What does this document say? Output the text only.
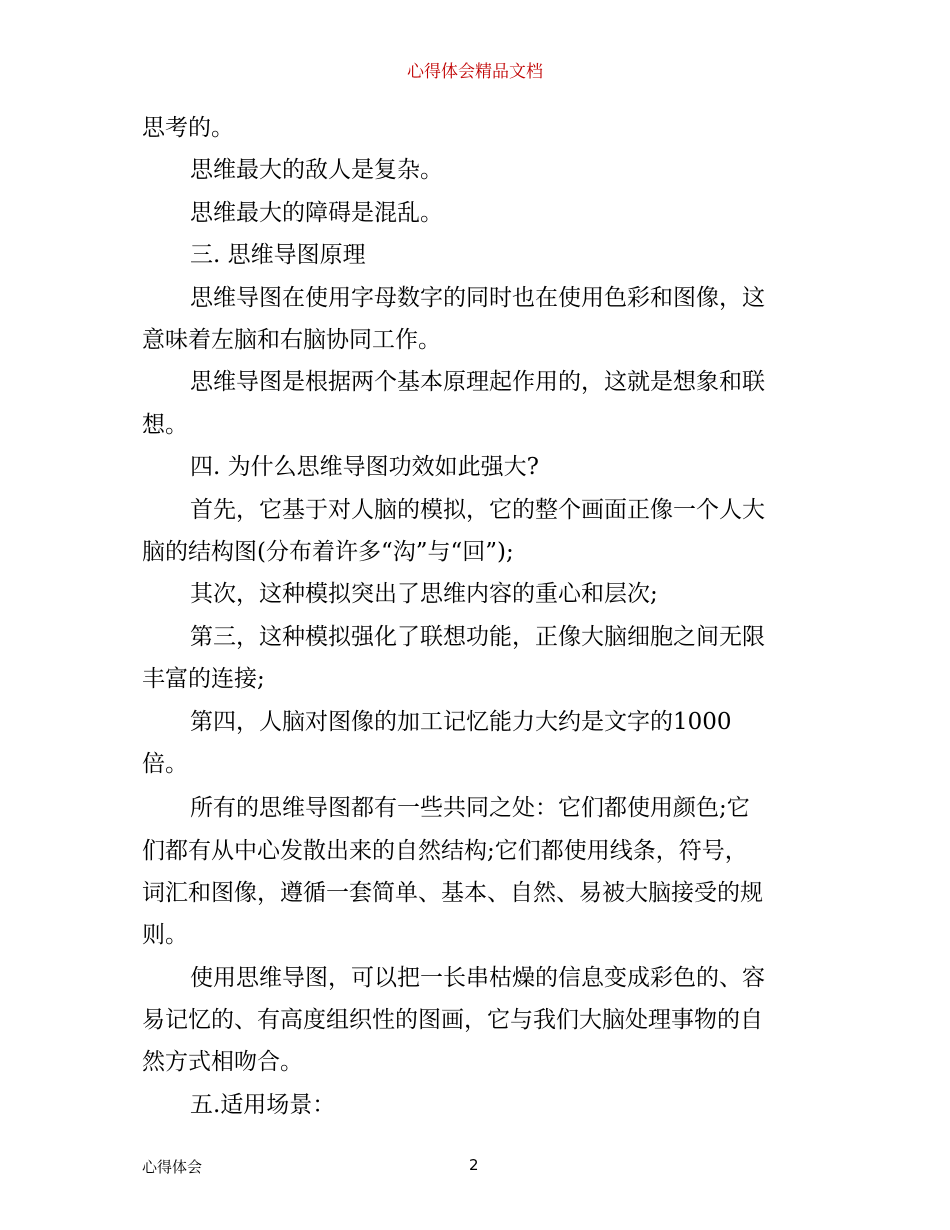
心得体会精品文档
思考的。
思维最大的敌人是复杂。
思维最大的障碍是混乱。
三. 思维导图原理
思维导图在使用字母数字的同时也在使用色彩和图像，这
意味着左脑和右脑协同工作。
思维导图是根据两个基本原理起作用的，这就是想象和联
想。
四. 为什么思维导图功效如此强大?
首先，它基于对人脑的模拟，它的整个画面正像一个人大
脑的结构图(分布着许多“沟”与“回”);
其次，这种模拟突出了思维内容的重心和层次;
第三，这种模拟强化了联想功能，正像大脑细胞之间无限
丰富的连接;
第四，人脑对图像的加工记忆能力大约是文字的1000
倍。
所有的思维导图都有一些共同之处：它们都使用颜色;它
们都有从中心发散出来的自然结构;它们都使用线条，符号，
词汇和图像，遵循一套简单、基本、自然、易被大脑接受的规
则。
使用思维导图，可以把一长串枯燥的信息变成彩色的、容
易记忆的、有高度组织性的图画，它与我们大脑处理事物的自
然方式相吻合。
五.适用场景：
心得体会	2
